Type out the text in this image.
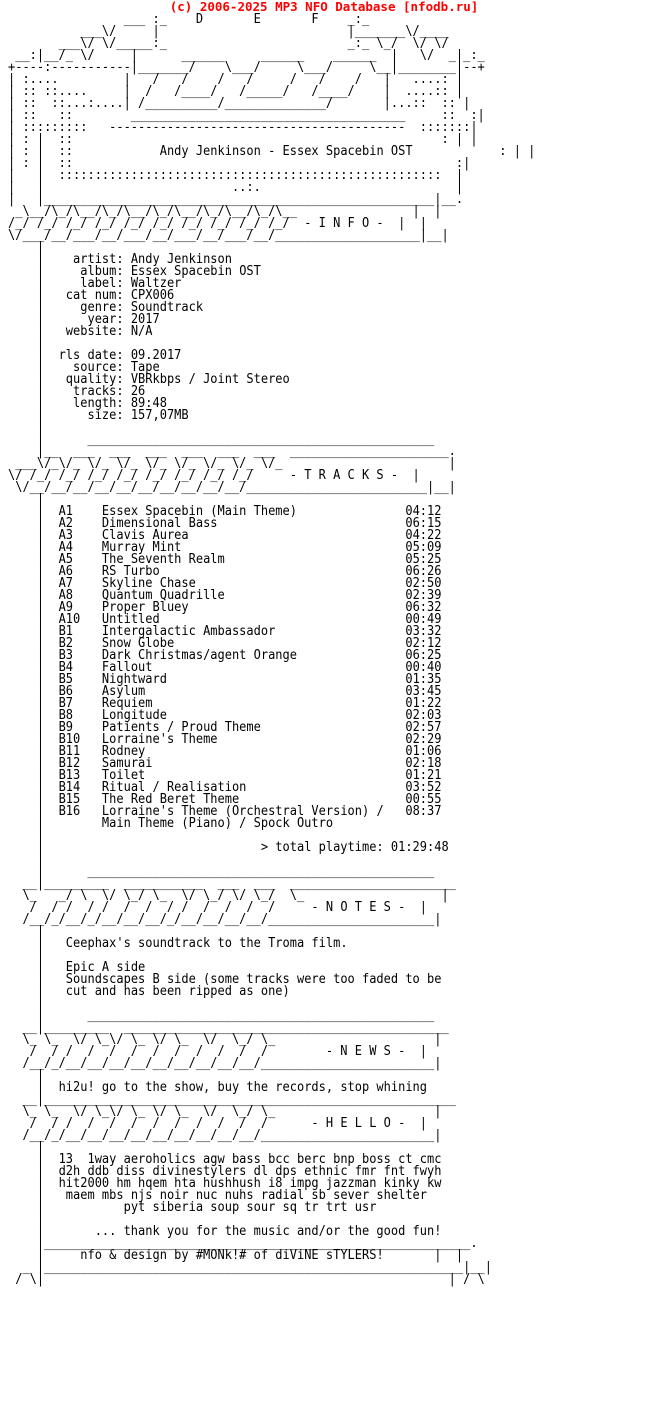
(c) 2006-2025 MP3 NFO Database [nfodb.ru]
___ :_    D       E       F    _:_
___\/     |                          |_______\/____
___\/ \/_____:_                         _:_ \_/  \/ \/
__:|__/_ \/     |      ______     ______    ______  |   \/  _|_:_
+----:-----------|_______/    \___/     \___/     \__|________|--+
| :....         |   /   /    /   /     /   /    /   |   ....: |
| :: ::....     |  /   /____/   /_____/   /____/    |  ....:: |
| ::  ::...:....| /__________/______________/       |...::  :: |
| ::   ::        ______________________________________     ::  :|
| :::::::::   -----------------------------------------  :::::::|
| : |  ::                                                   : | |
| : |  ::            Andy Jenkinson - Essex Spacebin OST            : | |
| : |  ::                                                     :|
|   |  :::::::::::::::::::::::::::::::::::::::::::::::::::::  |
|   |                          ..:.                           |
|   |______________________________________________________|__.
_\__/\_/\__/\_/\__/\_/\__/\_/\__/\_/\__                |  |
/_/ /_/ /_/ /_/ /_/ /_/ /_/ /_/ /_/ /_/  - I N F O -  |  |
\/___/__/___/__/___/__/___/__/___/__/____________________|__|
|
|    artist: Andy Jenkinson
|     album: Essex Spacebin OST
|     label: Waltzer
|   cat num: CPX006
|     genre: Soundtrack
|      year: 2017
|   website: N/A
|
|  rls date: 09.2017
|    source: Tape
|   quality: VBRkbps / Joint Stereo
|    tracks: 26
|    length: 89:48
|      size: 157,07MB
|
|      ________________________________________________
|__  ___  ___  ___  ___  ___  ___  ______________________.
___\/_\/_ \/_ \/_ \/_ \/_ \/_ \/_ \/_                       |
\/ /_/ /_/ /_/ /_/ /_/ /_/ /_/ /_/     - T R A C K S -  |
\/__/__/__/__/__/__/__/__/__/__/_________________________|__|
|
|  A1    Essex Spacebin (Main Theme)               04:12
|  A2    Dimensional Bass                          06:15
|  A3    Clavis Aurea                              04:22
|  A4    Murray Mint                               05:09
|  A5    The Seventh Realm                         05:25
|  A6    RS Turbo                                  06:26
|  A7    Skyline Chase                             02:50
|  A8    Quantum Quadrille                         02:39
|  A9    Proper Bluey                              06:32
|  A10   Untitled                                  00:49
|  B1    Intergalactic Ambassador                  03:32
|  B2    Snow Globe                                02:12
|  B3    Dark Christmas/agent Orange               06:25
|  B4    Fallout                                   00:40
|  B5    Nightward                                 01:35
|  B6    Asylum                                    03:45
|  B7    Requiem                                   01:22
|  B8    Longitude                                 02:03
|  B9    Patients / Proud Theme                    02:57
|  B10   Lorraine's Theme                          02:29
|  B11   Rodney                                    01:06
|  B12   Samurai                                   02:18
|  B13   Toilet                                    01:21
|  B14   Ritual / Realisation                      03:52
|  B15   The Red Beret Theme                       00:55
|  B16   Lorraine's Theme (Orchestral Version) /   08:37
|        Main Theme (Piano) / Spock Outro
|
|                              > total playtime: 01:29:48
|
|      ________________________________________________
__|_________  ___________  ___  ___  _______________________
\_   _/ \  \/ \_/ \_  \/ \_/ \/ \_/  \_                   |
/  / /  / /  /  /  / /  /  /  /  /     - N O T E S -  |
/__/_/__/_/__/__/__/_/__/__/__/__/_______________________|
|
|   Ceephax's soundtrack to the Troma film.
|
|   Epic A side
|   Soundscapes B side (some tracks were too faded to be
|   cut and has been ripped as one)
|
|      ________________________________________________
__|_________  _____________________________________________
\_ \_  \/ \_\/ \_ \/ \_  \/  \_/ \_                      |
/  / /  /  /  /  /  /  /  /  /  /        - N E W S -  |
/__/_/__/__/__/__/__/__/__/__/__/________________________|
|
|  hi2u! go to the show, buy the records, stop whining
__|_________________________________________________________
\_ \_  \/ \_\/ \_ \/ \_  \/  \_/ \_                      |
/  / /  /  /  /  /  /  /  /  /  /      - H E L L O -  |
/__/_/__/__/__/__/__/__/__/__/__/________________________|
|
|  13  1way aeroholics agw bass bcc berc bnp boss ct cmc
|  d2h ddb diss divinestylers dl dps ethnic fmr fnt fwyh
|  hit2000 hm hqem hta hushhush i8 impg jazzman kinky kw
|   maem mbs njs noir nuc nuhs radial sb sever shelter
|           pyt siberia soup sour sq tr trt usr
|
|       ... thank you for the music and/or the good fun!
|___________________________________________________________.
|     nfo & design by #MONk!# of diViNE sTYLERS!       |  |
_ |__________________________________________________________|__|
/ \|                                                        | / \
